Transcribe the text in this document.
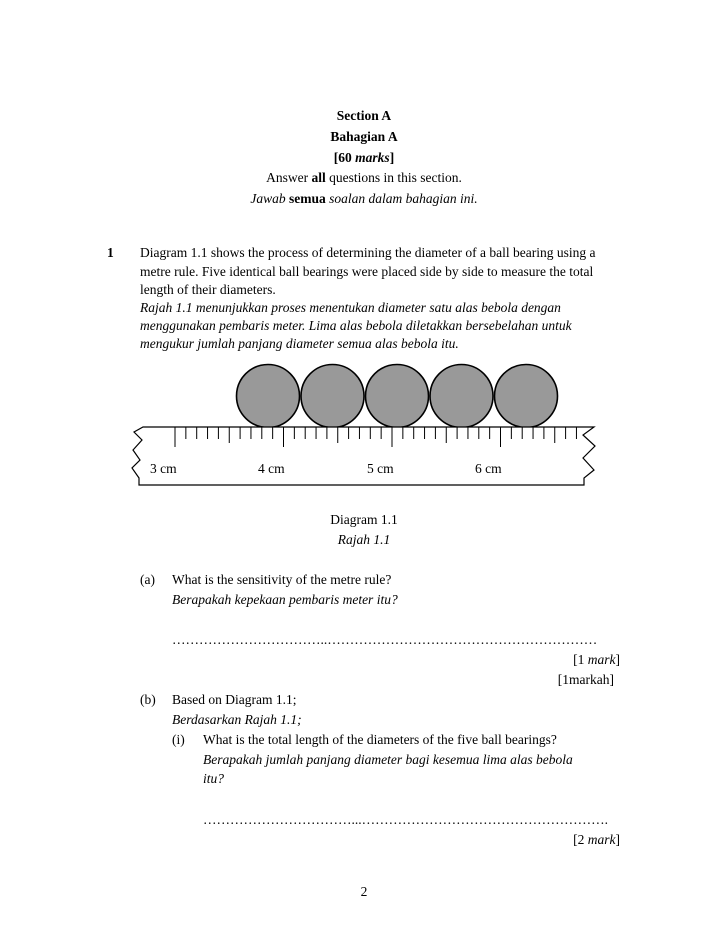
Section A
Bahagian A
[60 marks]
Answer all questions in this section.
Jawab semua soalan dalam bahagian ini.
1 Diagram 1.1 shows the process of determining the diameter of a ball bearing using a
metre rule. Five identical ball bearings were placed side by side to measure the total
length of their diameters.
Rajah 1.1 menunjukkan proses menentukan diameter satu alas bebola dengan
menggunakan pembaris meter. Lima alas bebola diletakkan bersebelahan untuk
mengukur jumlah panjang diameter semua alas bebola itu.
3 cm	4 cm	5 cm	6 cm
Diagram 1.1
Rajah 1.1
(a) What is the sensitivity of the metre rule?
Berapakah kepekaan pembaris meter itu?
……………………………..……………………………………………………
[1 mark]
[1markah]
(b) Based on Diagram 1.1;
Berdasarkan Rajah 1.1;
(i) What is the total length of the diameters of the five ball bearings?
Berapakah jumlah panjang diameter bagi kesemua lima alas bebola
itu?
……………………………...……………………………………………….
[2 mark]
2
